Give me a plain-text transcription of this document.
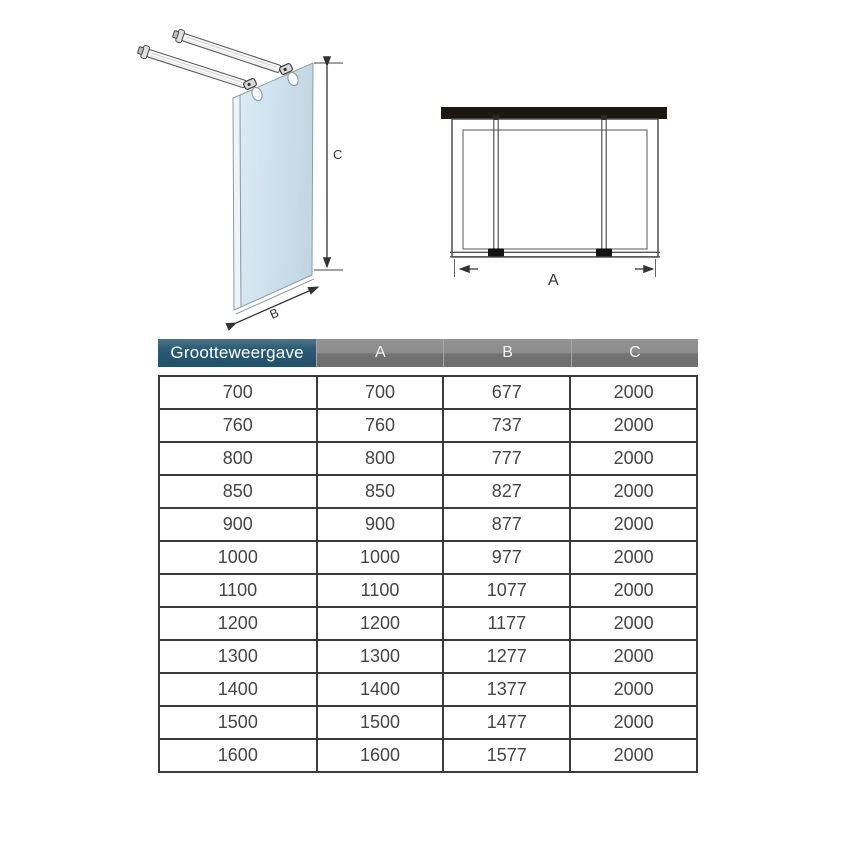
C
B
A
Grootteweergave	A	B	C
700	700	677	2000
760	760	737	2000
800	800	777	2000
850	850	827	2000
900	900	877	2000
1000	1000	977	2000
1100	1100	1077	2000
1200	1200	1177	2000
1300	1300	1277	2000
1400	1400	1377	2000
1500	1500	1477	2000
1600	1600	1577	2000
